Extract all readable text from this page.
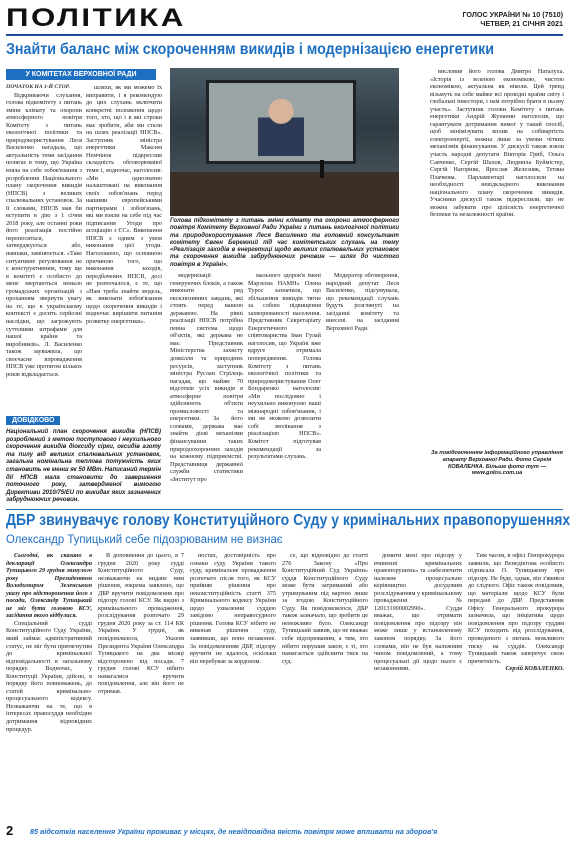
ПОЛІТИКА	ГОЛОС УКРАЇНИ № 10 (7510)
ЧЕТВЕР, 21 СІЧНЯ 2021
Знайти баланс між скороченням викидів і модернізацією енергетики
У КОМІТЕТАХ ВЕРХОВНОЇ РАДИ

ПОЧАТОК НА 1-Й СТОР.

Відкриваючи слухання, голова підкомітету з питань зміни клімату та охорони атмосферного повітря Комітету з питань екологічної політики та природокористування Леся Василенко нагадала, що актуальність теми засідання полягає в тому, що Україна взяла на себе зобов'язання з розроблення Національного плану скорочення викидів (НПСВ) з великих спалювальних установок. За її словами, НПСВ мав би вступити в дію з 1 січня 2018 року, але останні роки його реалізація постійно переноситься, затверджується або, навпаки, замінюється. «Таке ситуативне регулювання не є конструктивним, тому ще в комітеті є особисто до мене звертаються немало громадських організацій з проханням звернути увагу на те, що в українському контексті є досить серйозні наслідки, що загрожують суттєвими штрафами для нашої країни та виробників». Л. Василенко також зауважила, що своєчасне впровадження НПСВ уже протягом кількох років відкладається.

шляхи, як ми можемо їх виправити, і я рекомендую до цих слухань включити конкретні положення щодо того, хто, що і в які строки має зробити, аби ми стали на шлях реалізації НПСВ». Заступник міністра енергетики Максим Немчінов підкреслив складність обговорюваної теми і, водночас, наголосив: «Ми однозначно налаштовані на виконання своїх зобов'язань перед нашими європейськими партнерами і зобов'язань, які ми взяли на себе під час підписання Угоди про асоціацію з ЄС». Виконання НПСВ є одним з умов виконання цієї угоди. Наголошено, що основною причиною того, що виконання заходів, передбачених НПСВ, досі не розпочалося, є те, що «Нам треба знайти модель, як виконати зобов'язання щодо скорочення викидів і водночас вирішити питання розвитку енергетики».

Голова підкомітету з питань зміни клімату та охорони атмосферного повітря Комітету Верховної Ради України з питань екологічної політики та природокористування Леся Василенко та головний консультант комітету Євген Бережний під час комітетських слухань на тему «Реалізація заходів в енергетиці щодо великих спалювальних установок та скорочення викидів забруднюючих речовин — шлях до чистого повітря в Україні».

модернізації генеруючих блоків, а також виконати ряд ексклюзивних завдань, які стоять перед нашою державою. На рівні реалізації НПСВ потрібна певна система щодо об'єктів, які держава не має. Представник Міністерства захисту довкілля та природних ресурсів, заступник міністра Руслан Стрілець нагадав, що майже 70 відсотків усіх викидів в атмосферне повітря здійснюють об'єкти промисловості та енергетики. За його словами, держава має знайти дієві механізми фінансування таких природоохоронних заходів на кожному підприємстві. Представниця державної служби статистики «Інститут про

мального здоров'я імені Марзєєва НАМН» Олена Турос зазначила, що збільшення викидів тягне за собою підвищення захворюваності населення. Представник Секретаріату Енергетичного співтовариства Іван Гулай наголосив, що Україні вже вдруге отримала попередження. Голова Комітету з питань екологічної політики та природокористування Олег Бондаренко наголосив: «Ми послідовно і неухильно виконуємо наші міжнародні зобов'язання, і ми не можемо дозволити собі зволікання з реалізацією НПСВ». Комітет підготував рекомендації за результатами слухань.

Модератор обговорення, народний депутат Леся Василенко, підсумувала, що рекомендації слухань будуть розглянуті на засіданні комітету та внесені на засідання Верховної Ради.

висловив його голова Дмитро Наталуха. «Історія із зеленою економікою, чистою економікою, актуальна як ніколи. Цей тренд візьмуть на себе майже всі провідні країни світу і глобальні інвестори, і нам потрібно брати в ньому участь». Заступник голови Комітету з питань енергетики Андрій Жупанин наголосив, що гарантувати дотримання вимог у такий спосіб, щоб мінімізувати вплив на собівартість електроенергії, можна лише за умови чітких механізмів фінансування. У дискусії також взяли участь народні депутати Вікторія Гриб, Ольга Савченко, Сергій Шахов, Людмила Буймістер, Сергій Нагорняк, Ярослав Железняк, Тетяна Плачкова. Парламентарі наголосили на необхідності невідкладного виконання національного плану скорочення викидів. Учасники дискусії також підкреслили, що не можна забувати про цілісність енергетичної безпеки та незалежності країни.

За повідомленням інформаційного управління апарату Верховної Ради. Фото Сергія КОВАЛЕНКА. Більше фото тут — www.golos.com.ua
ДОВІДКОВО
Національний план скорочення викидів (НПСВ) розроблений з метою поступового і неухильного скорочення викидів діоксиду сірки, оксидів азоту та пилу від великих спалювальних установок, загальна номінальна теплова потужність яких становить не менш як 50 МВт. Написаний термін дії НПСВ мала становити до завершення поточного року, затвердженої вимогою Директиви 2010/75/EU по викидах яких зазначених забруднюючих речовин.
ДБР звинувачує голову Конституційного Суду у кримінальних правопорушеннях
Олександр Тупицький себе підозрюваним не визнає

Сьогодні, як сказано в декларації Олександра Тупицького 29 грудня минулого року Президентом Володимиром Зеленським указу про відсторонення його з посади, Олександр Тупицький не міг бути головою КСУ, засідання якого відбулися.

Спеціальний судді Конституційного Суду України, який займає адміністративний статус, не міг бути притягнутим до кримінальної відповідальності в загальному порядку. Водночас, у Конституції України, дійсно, в порядку його повноважень, до статей кримінально-процесуального кодексу. Незважаючи на те, що в інтересах правосуддя необхідне дотримання відповідних процедур.

В доповнення до цього, в 7 грудня 2020 року судді Конституційного Суду, незважаючи на видане ним рішення, зокрема заявлено, що ДБР вручити повідомлення про підозру голові КСУ. Як видно з кримінального провадження, розслідування розпочато 29 грудня 2020 року за ст. 114 КК України. У грудні, як повідомлялося, Указом Президента України Олександра Тупицького на два місяці відсторонено від посади. 7 грудня голові КСУ нібито намагалися вручити повідомлення, але він його не отримав.

ностях, достовірність про ознаки суду України такого суду, кримінальне провадження розпочато після того, як КСУ прийняв рішення про неконституційність статті 375 Кримінального кодексу України щодо ухвалення суддею завідомо неправосудного рішення. Голова КСУ нібито не виконав рішення суду, заявивши, що воно незаконне. За повідомленням ДБР, підозру вручити не вдалося, оскільки він перебував за кордоном.

се, що відповідно до статті 276 Закону «Про Конституційний Суд України» суддя Конституційного Суду може бути затриманий або утримуваним під вартою лише за згодою Конституційного Суду. Як повідомлялося, ДБР також зазначало, що зробити це неможливо було. Олександр Тупицький заявив, що не вважає себе підозрюваним, а тим, хто нібито порушив закон, є ті, хто намагається здійснити тиск на суд.

домити мені про підозру у вчиненні кримінальних правопорушень» та «забезпечити належне процесуальне керівництво досудовим розслідуванням у кримінальному провадженні № 120131000002990». Суддя вважає, що отримати повідомлення про підозру він може лише у встановленому законом порядку. За його словами, він не був належним чином повідомлений, а тому процесуальні дії щодо нього є незаконними.

Тим часом, в офісі Генпрокурора заявили, що Венедіктова особисто підписала О. Тупицькому про підозру. Не буде, однак, він з'явився до слідчого. Офіс також повідомив, що матеріали щодо КСУ були передані до ДБР. Представник Офісу Генерального прокурора зазначила, що ініціатива щодо повідомлення про підозру суддям КСУ походить від розслідування, проведеного з питань можливого тиску на суддів. Олександр Тупицький також заперечує свою причетність.

Сергій КОВАЛЕНКО.

2 85 відсотків населення України проживає у місцях, де невідповідна якість повітря може впливати на здоров'я
